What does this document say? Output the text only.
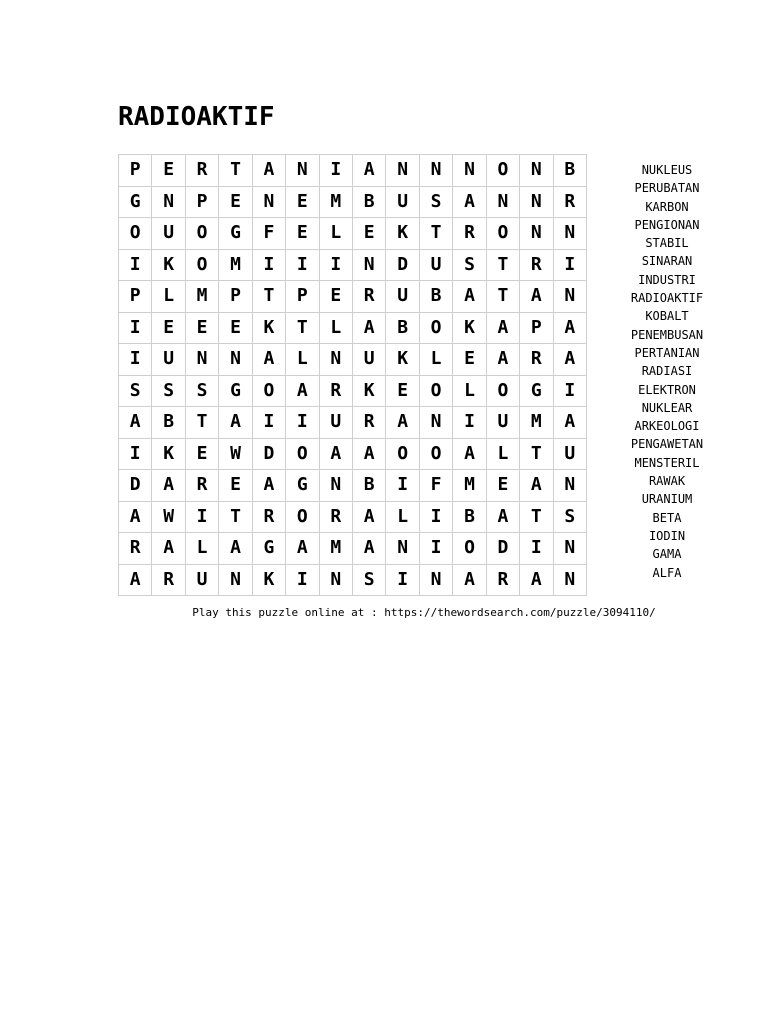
RADIOAKTIF
P	E	R	T	A	N	I	A	N	N	N	O	N	B
G	N	P	E	N	E	M	B	U	S	A	N	N	R
O	U	O	G	F	E	L	E	K	T	R	O	N	N
I	K	O	M	I	I	I	N	D	U	S	T	R	I
P	L	M	P	T	P	E	R	U	B	A	T	A	N
I	E	E	E	K	T	L	A	B	O	K	A	P	A
I	U	N	N	A	L	N	U	K	L	E	A	R	A
S	S	S	G	O	A	R	K	E	O	L	O	G	I
A	B	T	A	I	I	U	R	A	N	I	U	M	A
I	K	E	W	D	O	A	A	O	O	A	L	T	U
D	A	R	E	A	G	N	B	I	F	M	E	A	N
A	W	I	T	R	O	R	A	L	I	B	A	T	S
R	A	L	A	G	A	M	A	N	I	O	D	I	N
A	R	U	N	K	I	N	S	I	N	A	R	A	N
NUKLEUS
PERUBATAN
KARBON
PENGIONAN
STABIL
SINARAN
INDUSTRI
RADIOAKTIF
KOBALT
PENEMBUSAN
PERTANIAN
RADIASI
ELEKTRON
NUKLEAR
ARKEOLOGI
PENGAWETAN
MENSTERIL
RAWAK
URANIUM
BETA
IODIN
GAMA
ALFA
Play this puzzle online at : https://thewordsearch.com/puzzle/3094110/
